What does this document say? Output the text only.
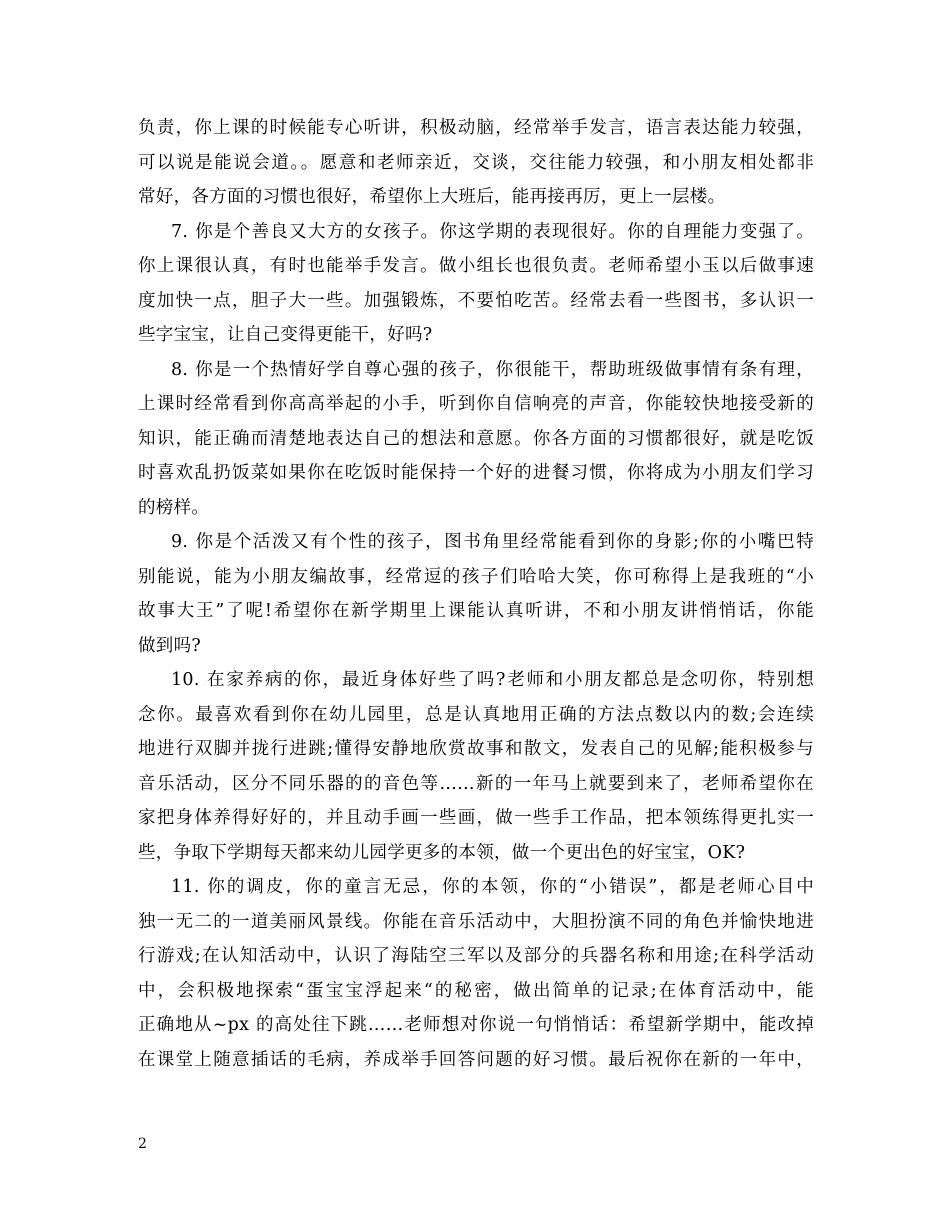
负责，你上课的时候能专心听讲，积极动脑，经常举手发言，语言表达能力较强，
可以说是能说会道。。愿意和老师亲近，交谈，交往能力较强，和小朋友相处都非
常好，各方面的习惯也很好，希望你上大班后，能再接再厉，更上一层楼。
7. 你是个善良又大方的女孩子。你这学期的表现很好。你的自理能力变强了。
你上课很认真，有时也能举手发言。做小组长也很负责。老师希望小玉以后做事速
度加快一点，胆子大一些。加强锻炼，不要怕吃苦。经常去看一些图书，多认识一
些字宝宝，让自己变得更能干，好吗?
8. 你是一个热情好学自尊心强的孩子，你很能干，帮助班级做事情有条有理，
上课时经常看到你高高举起的小手，听到你自信响亮的声音，你能较快地接受新的
知识，能正确而清楚地表达自己的想法和意愿。你各方面的习惯都很好，就是吃饭
时喜欢乱扔饭菜如果你在吃饭时能保持一个好的进餐习惯，你将成为小朋友们学习
的榜样。
9. 你是个活泼又有个性的孩子，图书角里经常能看到你的身影;你的小嘴巴特
别能说，能为小朋友编故事，经常逗的孩子们哈哈大笑，你可称得上是我班的“小
故事大王”了呢!希望你在新学期里上课能认真听讲，不和小朋友讲悄悄话，你能
做到吗?
10. 在家养病的你，最近身体好些了吗?老师和小朋友都总是念叨你，特别想
念你。最喜欢看到你在幼儿园里，总是认真地用正确的方法点数以内的数;会连续
地进行双脚并拢行进跳;懂得安静地欣赏故事和散文，发表自己的见解;能积极参与
音乐活动，区分不同乐器的的音色等……新的一年马上就要到来了，老师希望你在
家把身体养得好好的，并且动手画一些画，做一些手工作品，把本领练得更扎实一
些，争取下学期每天都来幼儿园学更多的本领，做一个更出色的好宝宝，OK?
11. 你的调皮，你的童言无忌，你的本领，你的“小错误”，都是老师心目中
独一无二的一道美丽风景线。你能在音乐活动中，大胆扮演不同的角色并愉快地进
行游戏;在认知活动中，认识了海陆空三军以及部分的兵器名称和用途;在科学活动
中，会积极地探索“蛋宝宝浮起来“的秘密，做出简单的记录;在体育活动中，能
正确地从~px 的高处往下跳……老师想对你说一句悄悄话：希望新学期中，能改掉
在课堂上随意插话的毛病，养成举手回答问题的好习惯。最后祝你在新的一年中，
2
